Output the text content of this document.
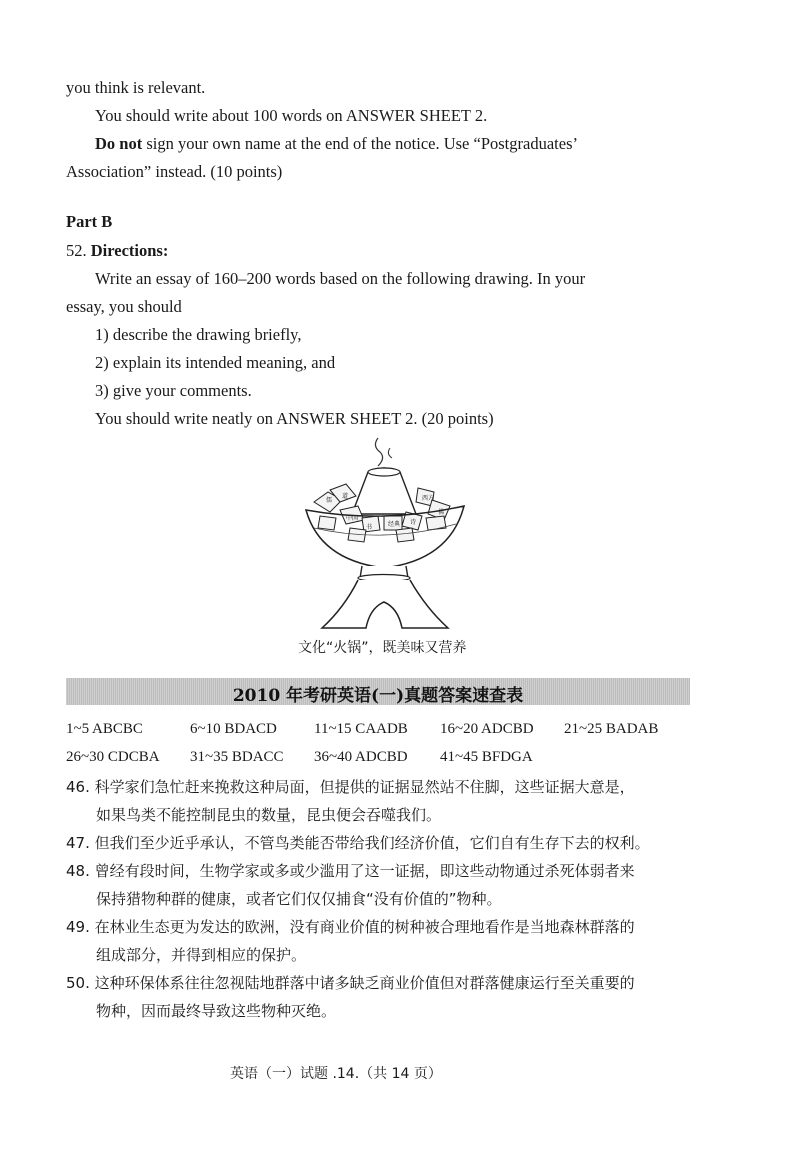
you think is relevant.
You should write about 100 words on ANSWER SHEET 2.
Do not sign your own name at the end of the notice. Use “Postgraduates’
Association” instead. (10 points)
Part B
52. Directions:
Write an essay of 160–200 words based on the following drawing. In your
essay, you should
1) describe the drawing briefly,
2) explain its intended meaning, and
3) give your comments.
You should write neatly on ANSWER SHEET 2. (20 points)
儒
道	西方
佛
中国
经典 诗
书
文化“火锅”，既美味又营养
2010 年考研英语(一)真题答案速查表
1~5 ABCBC	6~10 BDACD 11~15 CAADB 16~20 ADCBD 21~25 BADAB
26~30 CDCBA 31~35 BDACC 36~40 ADCBD 41~45 BFDGA
46. 科学家们急忙赶来挽救这种局面，但提供的证据显然站不住脚，这些证据大意是，
如果鸟类不能控制昆虫的数量，昆虫便会吞噬我们。
47. 但我们至少近乎承认，不管鸟类能否带给我们经济价值，它们自有生存下去的权利。
48. 曾经有段时间，生物学家或多或少滥用了这一证据，即这些动物通过杀死体弱者来
保持猎物种群的健康，或者它们仅仅捕食“没有价值的”物种。
49. 在林业生态更为发达的欧洲，没有商业价值的树种被合理地看作是当地森林群落的
组成部分，并得到相应的保护。
50. 这种环保体系往往忽视陆地群落中诸多缺乏商业价值但对群落健康运行至关重要的
物种，因而最终导致这些物种灭绝。
英语（一）试题 .14.（共 14 页）
